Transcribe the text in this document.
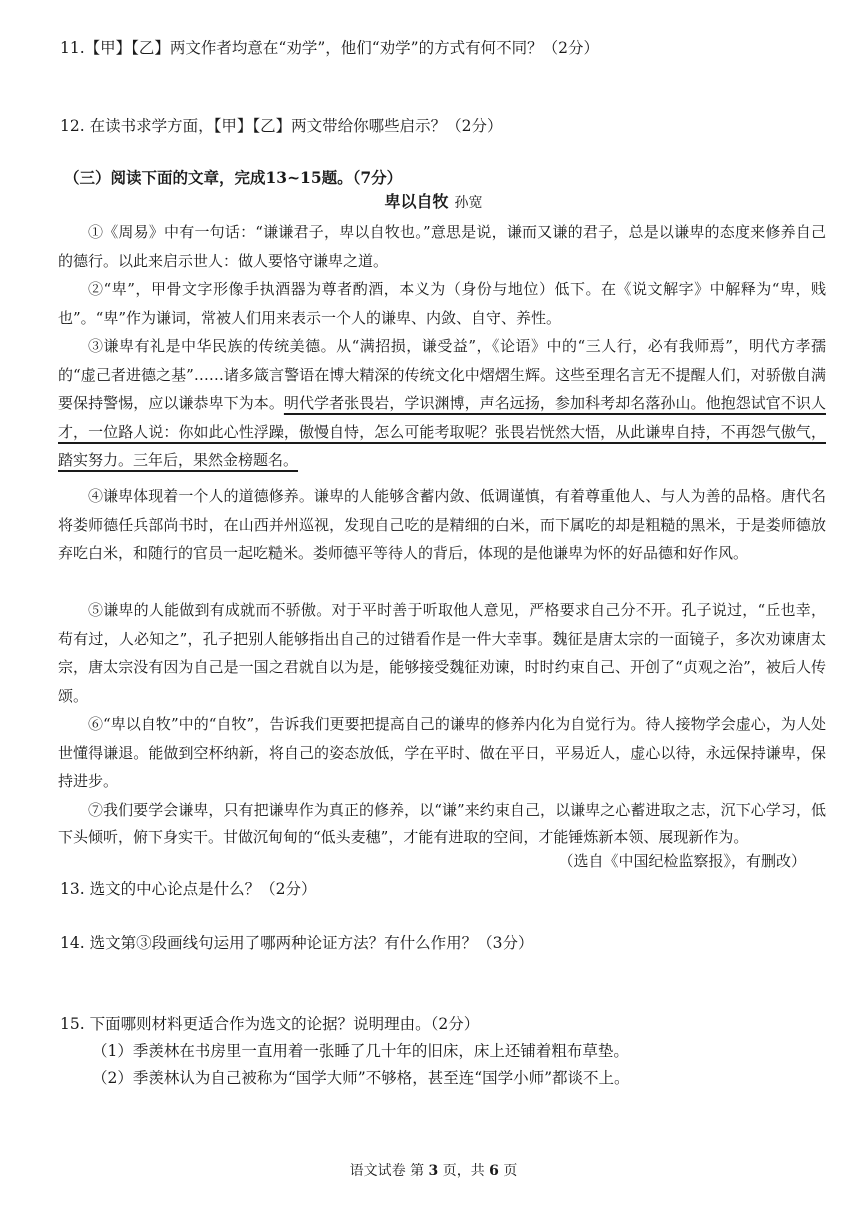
11.【甲】【乙】两文作者均意在“劝学”，他们“劝学”的方式有何不同？（2分）
12. 在读书求学方面，【甲】【乙】两文带给你哪些启示？（2分）
（三）阅读下面的文章，完成13~15题。（7分）
卑以自牧 孙宽
①《周易》中有一句话：“谦谦君子，卑以自牧也。”意思是说，谦而又谦的君子，总是以谦卑的态度来修养自己的德行。以此来启示世人：做人要恪守谦卑之道。
②“卑”，甲骨文字形像手执酒器为尊者酌酒，本义为（身份与地位）低下。在《说文解字》中解释为“卑，贱也”。“卑”作为谦词，常被人们用来表示一个人的谦卑、内敛、自守、养性。
③谦卑有礼是中华民族的传统美德。从“满招损，谦受益”，《论语》中的“三人行，必有我师焉”，明代方孝孺的“虚己者进德之基”……诸多箴言警语在博大精深的传统文化中熠熠生辉。这些至理名言无不提醒人们，对骄傲自满要保持警惕，应以谦恭卑下为本。明代学者张畏岩，学识渊博，声名远扬，参加科考却名落孙山。他抱怨试官不识人才，一位路人说：你如此心性浮躁，傲慢自恃，怎么可能考取呢？张畏岩恍然大悟，从此谦卑自持，不再怨气傲气，踏实努力。三年后，果然金榜题名。
④谦卑体现着一个人的道德修养。谦卑的人能够含蓄内敛、低调谨慎，有着尊重他人、与人为善的品格。唐代名将娄师德任兵部尚书时，在山西并州巡视，发现自己吃的是精细的白米，而下属吃的却是粗糙的黑米，于是娄师德放弃吃白米，和随行的官员一起吃糙米。娄师德平等待人的背后，体现的是他谦卑为怀的好品德和好作风。
⑤谦卑的人能做到有成就而不骄傲。对于平时善于听取他人意见，严格要求自己分不开。孔子说过，“丘也幸，苟有过，人必知之”，孔子把别人能够指出自己的过错看作是一件大幸事。魏征是唐太宗的一面镜子，多次劝谏唐太宗，唐太宗没有因为自己是一国之君就自以为是，能够接受魏征劝谏，时时约束自己、开创了“贞观之治”，被后人传颂。
⑥“卑以自牧”中的“自牧”，告诉我们更要把提高自己的谦卑的修养内化为自觉行为。待人接物学会虚心，为人处世懂得谦退。能做到空杯纳新，将自己的姿态放低，学在平时、做在平日，平易近人，虚心以待，永远保持谦卑，保持进步。
⑦我们要学会谦卑，只有把谦卑作为真正的修养，以“谦”来约束自己，以谦卑之心蓄进取之志，沉下心学习，低下头倾听，俯下身实干。甘做沉甸甸的“低头麦穗”，才能有进取的空间，才能锤炼新本领、展现新作为。
（选自《中国纪检监察报》，有删改）
13. 选文的中心论点是什么？（2分）
14. 选文第③段画线句运用了哪两种论证方法？有什么作用？（3分）
15. 下面哪则材料更适合作为选文的论据？说明理由。（2分）
（1）季羡林在书房里一直用着一张睡了几十年的旧床，床上还铺着粗布草垫。
（2）季羡林认为自己被称为“国学大师”不够格，甚至连“国学小师”都谈不上。
语文试卷 第 3 页，共 6 页
